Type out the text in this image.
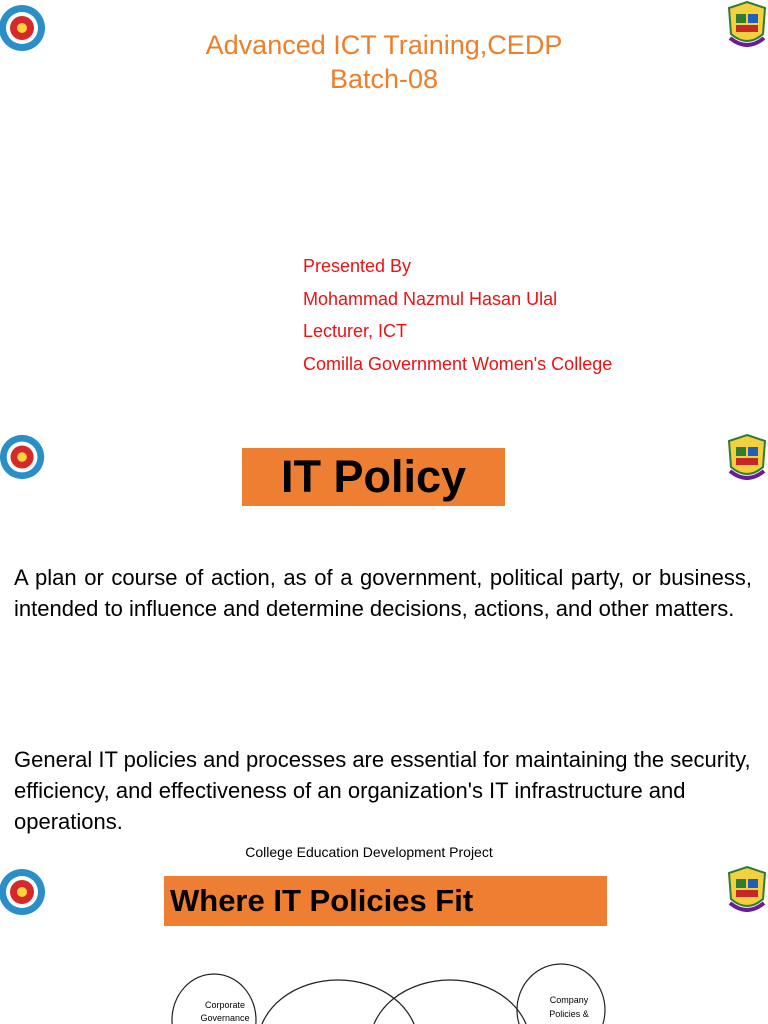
Advanced ICT Training,CEDP
Batch-08
Presented By
Mohammad Nazmul Hasan Ulal
Lecturer, ICT
Comilla Government Women's College
IT Policy

A plan or course of action, as of a government, political party, or business, intended to influence and determine decisions, actions, and other matters.

General IT policies and processes are essential for maintaining the security, efficiency, and effectiveness of an organization's IT infrastructure and operations.

College Education Development Project
Where IT Policies Fit
Corporate
Governance
Company
Policies &
